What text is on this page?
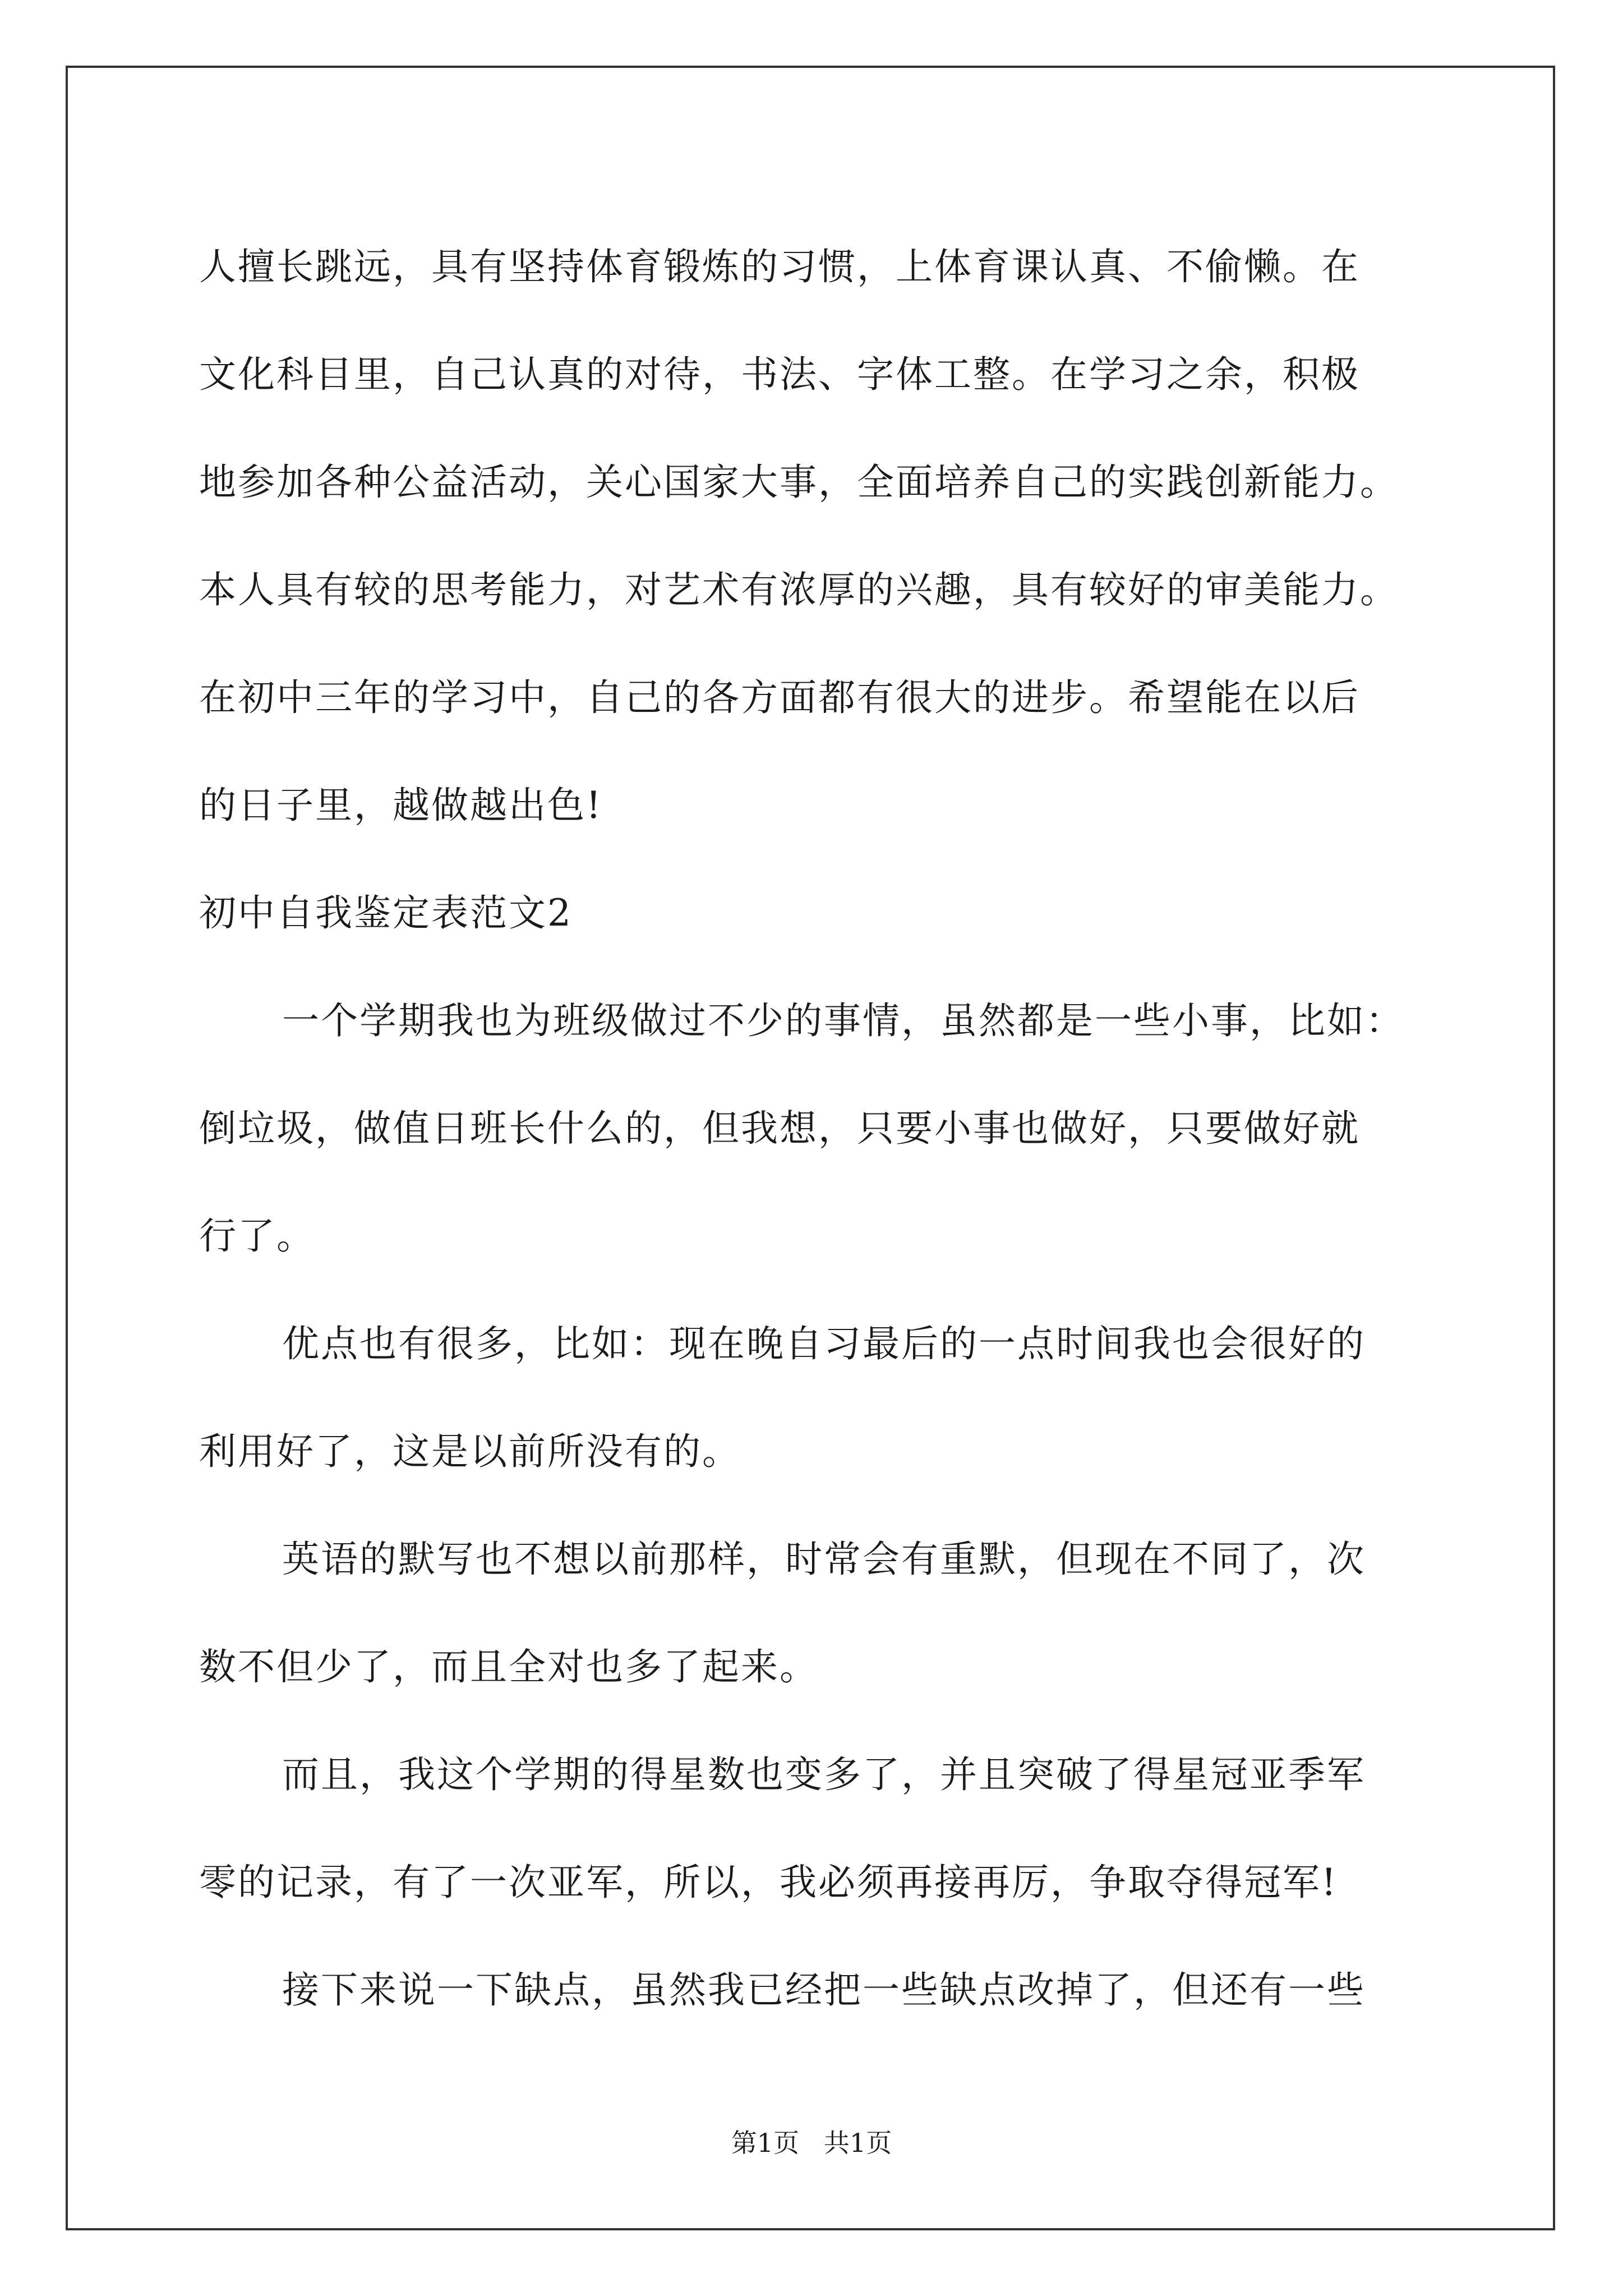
人擅长跳远，具有坚持体育锻炼的习惯，上体育课认真、不偷懒。在
文化科目里，自己认真的对待，书法、字体工整。在学习之余，积极
地参加各种公益活动，关心国家大事，全面培养自己的实践创新能力。
本人具有较的思考能力，对艺术有浓厚的兴趣，具有较好的审美能力。
在初中三年的学习中，自己的各方面都有很大的进步。希望能在以后
的日子里，越做越出色!
初中自我鉴定表范文2
一个学期我也为班级做过不少的事情，虽然都是一些小事，比如：
倒垃圾，做值日班长什么的，但我想，只要小事也做好，只要做好就
行了。
优点也有很多，比如：现在晚自习最后的一点时间我也会很好的
利用好了，这是以前所没有的。
英语的默写也不想以前那样，时常会有重默，但现在不同了，次
数不但少了，而且全对也多了起来。
而且，我这个学期的得星数也变多了，并且突破了得星冠亚季军
零的记录，有了一次亚军，所以，我必须再接再厉，争取夺得冠军!
接下来说一下缺点，虽然我已经把一些缺点改掉了，但还有一些
第1页   共1页
